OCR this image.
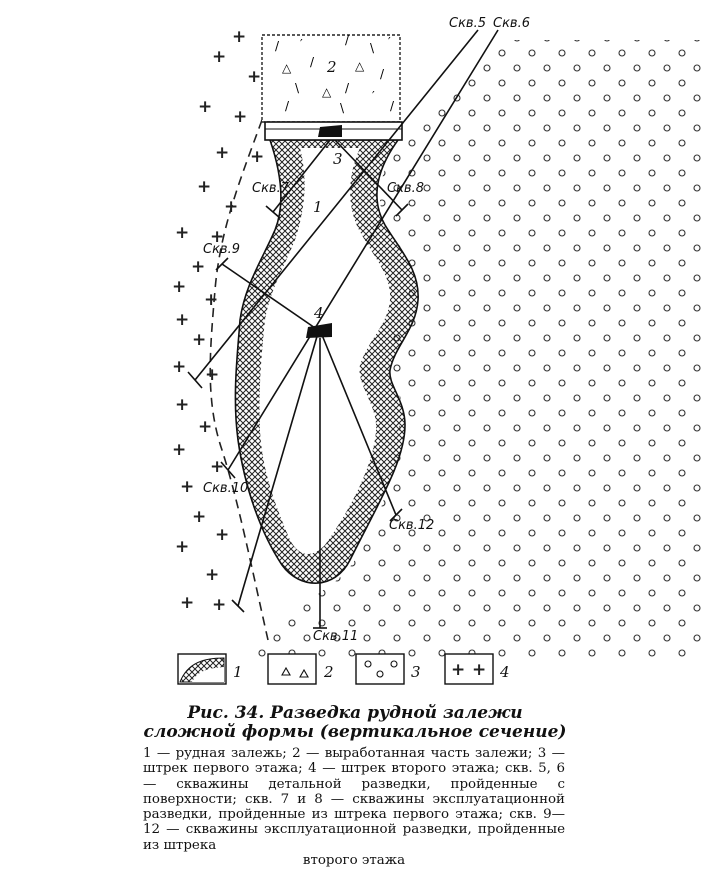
+
+
+
+ +
+ +
+
+
+ +
+
+
+
+
+
+ +
+
+
+
+
+
+
+
+
+
+ +
/ ′	/
\ ′
△ /	△
/
\ △ /
′
/	\	/
2
3
1
4
Скв.5 Скв.6
Скв.7	Скв.8
Скв.9
Скв.10
Скв.11
Скв.12
1	2	3 + + 4
Рис. 34. Разведка рудной залежи сложной формы (вертикальное сечение)
1 — рудная залежь; 2 — выработанная часть залежи; 3 — штрек первого этажа; 4 — штрек второго этажа; скв. 5, 6 — скважины детальной разведки, пройденные с поверхности; скв. 7 и 8 — скважины эксплуатационной разведки, пройденные из штрека первого этажа; скв. 9—12 — скважины эксплуатационной разведки, пройденные из штрека
второго этажа
